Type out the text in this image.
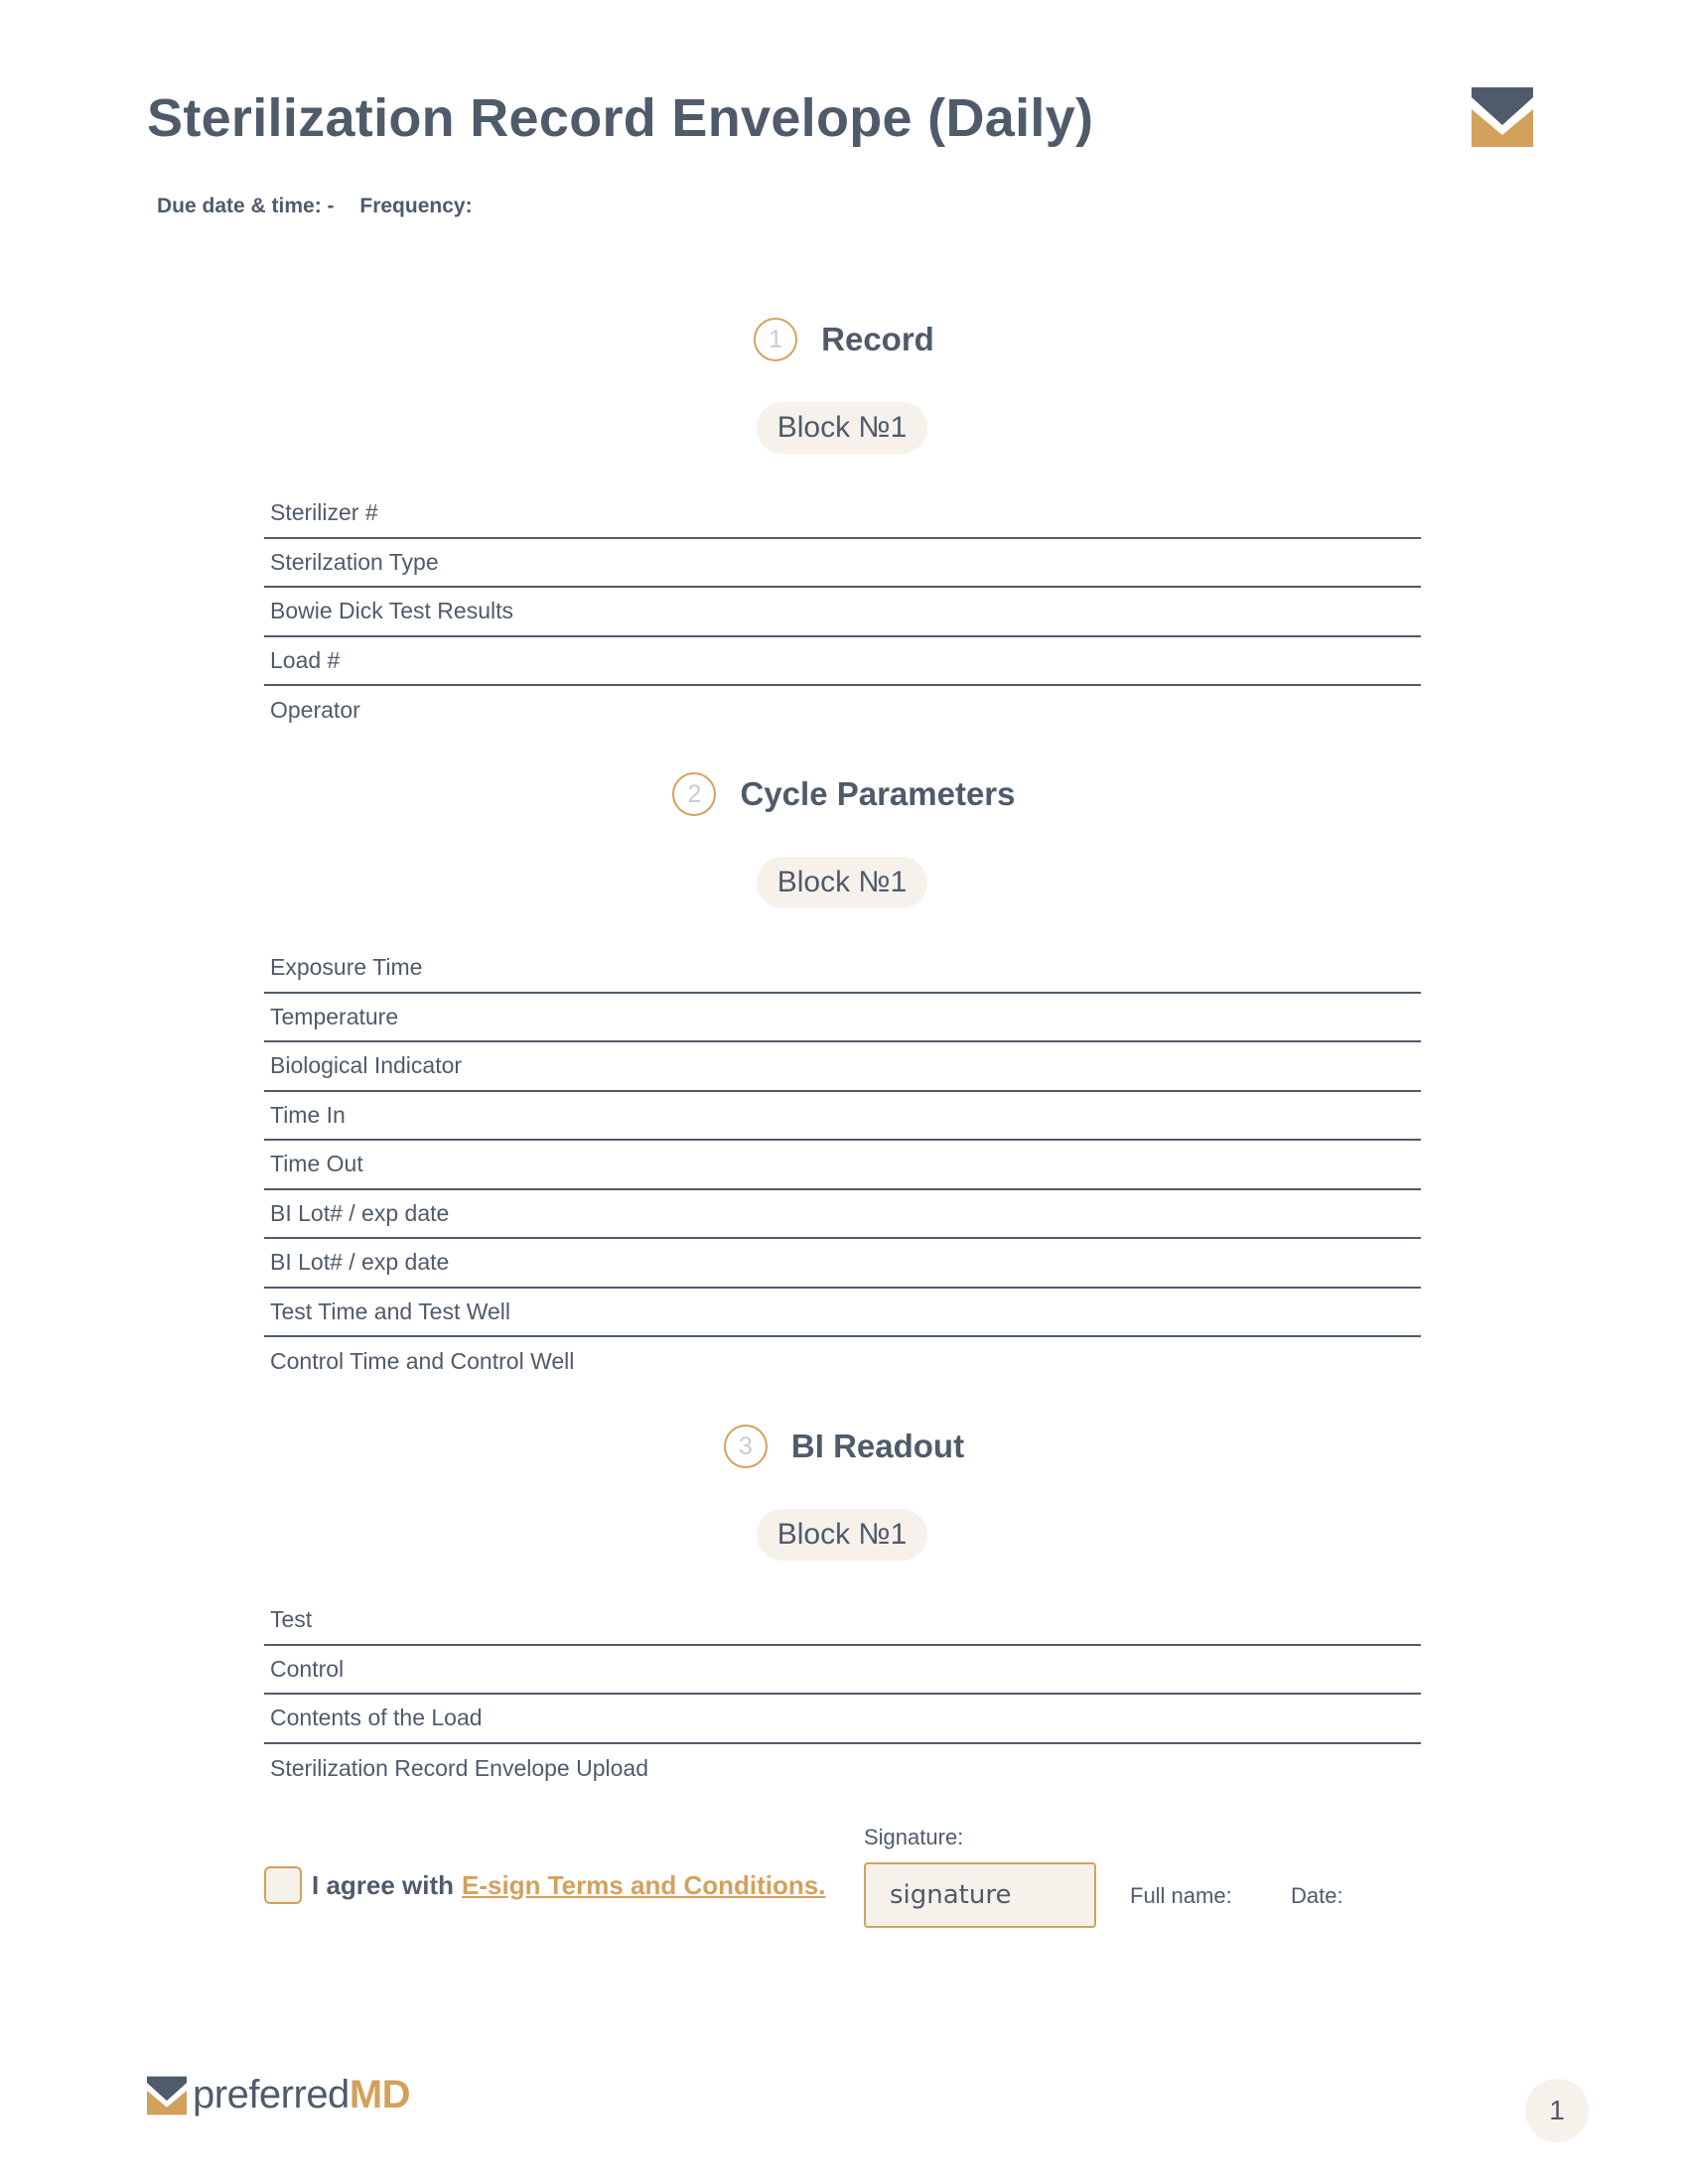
Sterilization Record Envelope (Daily)
Due date & time: - Frequency:
1	Record
Block №1
Sterilizer #
Sterilzation Type
Bowie Dick Test Results
Load #
Operator
2	Cycle Parameters
Block №1
Exposure Time
Temperature
Biological Indicator
Time In
Time Out
BI Lot# / exp date
BI Lot# / exp date
Test Time and Test Well
Control Time and Control Well
3	BI Readout
Block №1
Test
Control
Contents of the Load
Sterilization Record Envelope Upload
I agree with E-sign Terms and Conditions.
Signature:
signature	Full name:	Date:
preferred MD	1
